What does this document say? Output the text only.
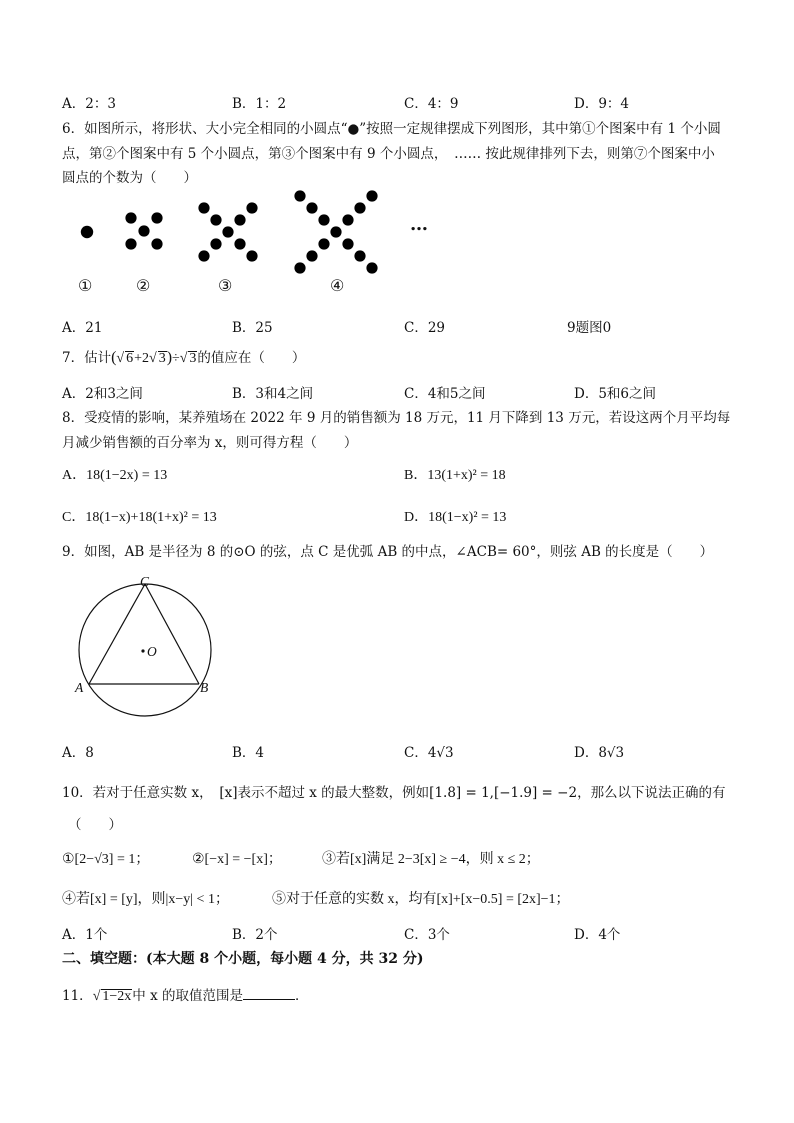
A．2：3	B．1：2	C．4：9	D．9：4
6．如图所示，将形状、大小完全相同的小圆点“●”按照一定规律摆成下列图形，其中第①个图案中有 1 个小圆
点，第②个图案中有 5 个小圆点，第③个图案中有 9 个小圆点，　…… 按此规律排列下去，则第⑦个图案中小
圆点的个数为（　　）
…
①	②	③	④
A．21	B．25	C．29	9题图0
7．估计(√ 6+2√ 3)÷√ 3的值应在（　　）
A．2和3之间	B．3和4之间	C．4和5之间	D．5和6之间
8．受疫情的影响，某养殖场在 2022 年 9 月的销售额为 18 万元，11 月下降到 13 万元，若设这两个月平均每
月减少销售额的百分率为 x，则可得方程（　　）
A．18(1−2x) = 13	B．13(1+x)² = 18
C．18(1−x)+18(1+x)² = 13	D．18(1−x)² = 13
9．如图，AB 是半径为 8 的⊙O 的弦，点 C 是优弧 AB 的中点，∠ACB= 60°，则弦 AB 的长度是（　　）
C
O
A	B
A．8	B．4	C．4√3	D．8√3
10．若对于任意实数 x，　[x]表示不超过 x 的最大整数，例如[1.8] = 1,[−1.9] = −2，那么以下说法正确的有
（　　）
①[2−√3] = 1；	②[−x] = −[x]；	③若[x]满足 2−3[x] ≥ −4，则 x ≤ 2；
④若[x] = [y]，则|x−y| < 1；	⑤对于任意的实数 x，均有[x]+[x−0.5] = [2x]−1；
A．1个	B．2个	C．3个	D．4个
二、填空题：(本大题 8 个小题，每小题 4 分，共 32 分)
11．√ 1−2x中 x 的取值范围是	．
